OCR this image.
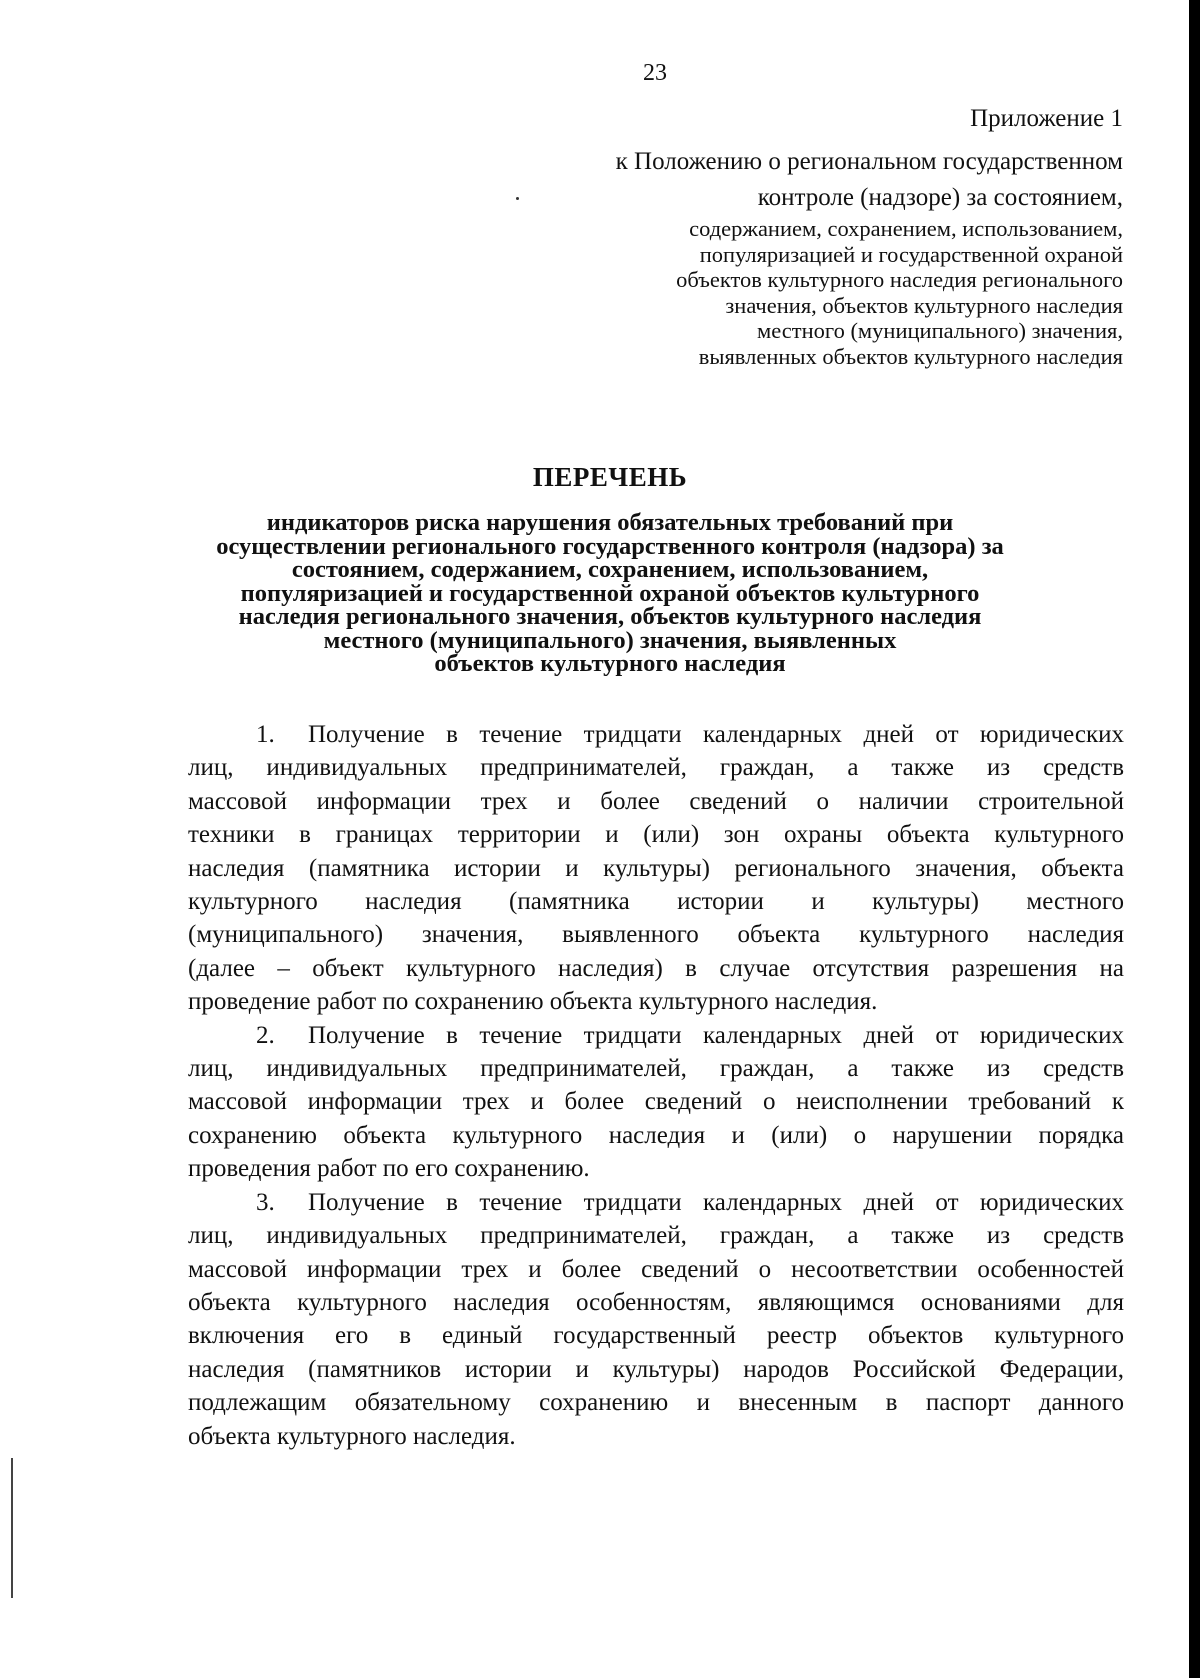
23
Приложение 1
к Положению о региональном государственном
контроле (надзоре) за состоянием,
содержанием, сохранением, использованием,
популяризацией и государственной охраной
объектов культурного наследия регионального
значения, объектов культурного наследия
местного (муниципального) значения,
выявленных объектов культурного наследия
ПЕРЕЧЕНЬ
индикаторов риска нарушения обязательных требований при
осуществлении регионального государственного контроля (надзора) за
состоянием, содержанием, сохранением, использованием,
популяризацией и государственной охраной объектов культурного
наследия регионального значения, объектов культурного наследия
местного (муниципального) значения, выявленных
объектов культурного наследия
1. Получение в течение тридцати календарных дней от юридических
лиц, индивидуальных предпринимателей, граждан, а также из средств
массовой информации трех и более сведений о наличии строительной
техники в границах территории и (или) зон охраны объекта культурного
наследия (памятника истории и культуры) регионального значения, объекта
культурного наследия (памятника истории и культуры) местного
(муниципального) значения, выявленного объекта культурного наследия
(далее – объект культурного наследия) в случае отсутствия разрешения на
проведение работ по сохранению объекта культурного наследия.
2. Получение в течение тридцати календарных дней от юридических
лиц, индивидуальных предпринимателей, граждан, а также из средств
массовой информации трех и более сведений о неисполнении требований к
сохранению объекта культурного наследия и (или) о нарушении порядка
проведения работ по его сохранению.
3. Получение в течение тридцати календарных дней от юридических
лиц, индивидуальных предпринимателей, граждан, а также из средств
массовой информации трех и более сведений о несоответствии особенностей
объекта культурного наследия особенностям, являющимся основаниями для
включения его в единый государственный реестр объектов культурного
наследия (памятников истории и культуры) народов Российской Федерации,
подлежащим обязательному сохранению и внесенным в паспорт данного
объекта культурного наследия.
